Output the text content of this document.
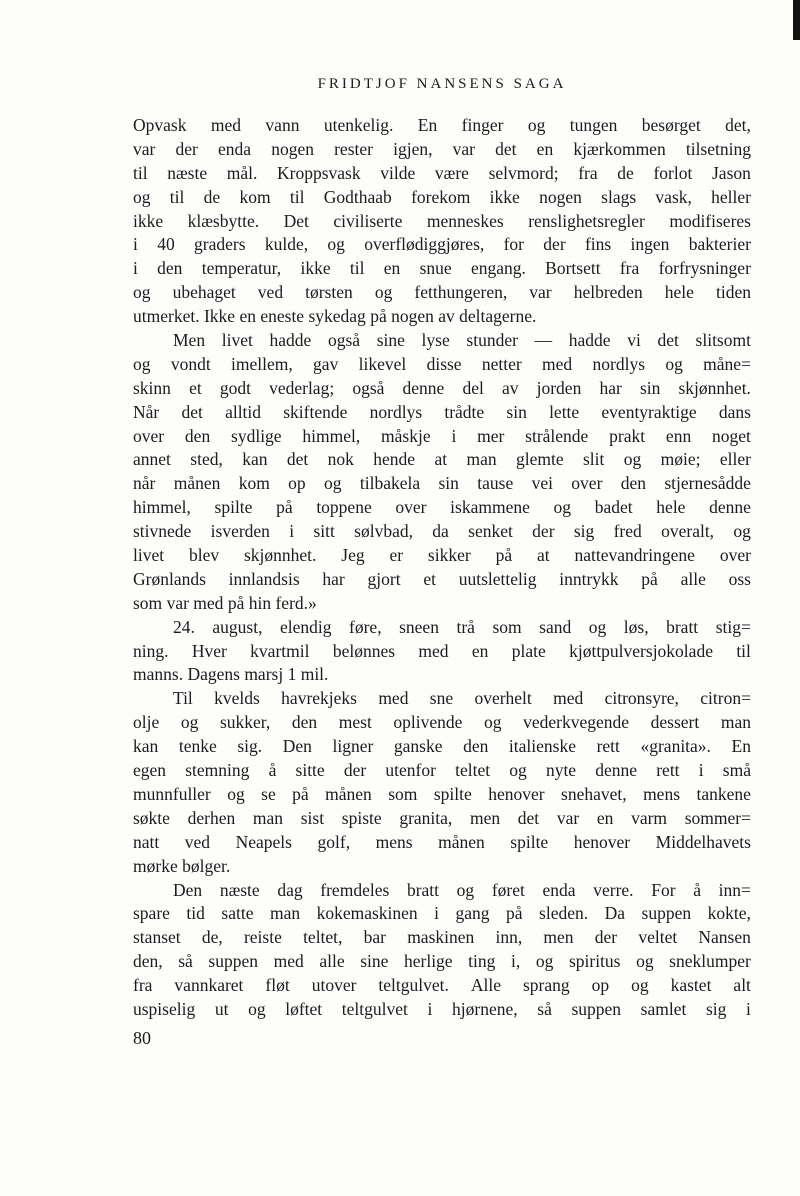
FRIDTJOF NANSENS SAGA
Opvask med vann utenkelig. En finger og tungen besørget det,
var der enda nogen rester igjen, var det en kjærkommen tilsetning
til næste mål. Kroppsvask vilde være selvmord; fra de forlot Jason
og til de kom til Godthaab forekom ikke nogen slags vask, heller
ikke klæsbytte. Det civiliserte menneskes renslighetsregler modifiseres
i 40 graders kulde, og overflødiggjøres, for der fins ingen bakterier
i den temperatur, ikke til en snue engang. Bortsett fra forfrysninger
og ubehaget ved tørsten og fetthungeren, var helbreden hele tiden
utmerket. Ikke en eneste sykedag på nogen av deltagerne.
Men livet hadde også sine lyse stunder — hadde vi det slitsomt
og vondt imellem, gav likevel disse netter med nordlys og måne=
skinn et godt vederlag; også denne del av jorden har sin skjønnhet.
Når det alltid skiftende nordlys trådte sin lette eventyraktige dans
over den sydlige himmel, måskje i mer strålende prakt enn noget
annet sted, kan det nok hende at man glemte slit og møie; eller
når månen kom op og tilbakela sin tause vei over den stjernesådde
himmel, spilte på toppene over iskammene og badet hele denne
stivnede isverden i sitt sølvbad, da senket der sig fred overalt, og
livet blev skjønnhet. Jeg er sikker på at nattevandringene over
Grønlands innlandsis har gjort et uutslettelig inntrykk på alle oss
som var med på hin ferd.»
24. august, elendig føre, sneen trå som sand og løs, bratt stig=
ning. Hver kvartmil belønnes med en plate kjøttpulversjokolade til
manns. Dagens marsj 1 mil.
Til kvelds havrekjeks med sne overhelt med citronsyre, citron=
olje og sukker, den mest oplivende og vederkvegende dessert man
kan tenke sig. Den ligner ganske den italienske rett «granita». En
egen stemning å sitte der utenfor teltet og nyte denne rett i små
munnfuller og se på månen som spilte henover snehavet, mens tankene
søkte derhen man sist spiste granita, men det var en varm sommer=
natt ved Neapels golf, mens månen spilte henover Middelhavets
mørke bølger.
Den næste dag fremdeles bratt og føret enda verre. For å inn=
spare tid satte man kokemaskinen i gang på sleden. Da suppen kokte,
stanset de, reiste teltet, bar maskinen inn, men der veltet Nansen
den, så suppen med alle sine herlige ting i, og spiritus og sneklumper
fra vannkaret fløt utover teltgulvet. Alle sprang op og kastet alt
uspiselig ut og løftet teltgulvet i hjørnene, så suppen samlet sig i
80
